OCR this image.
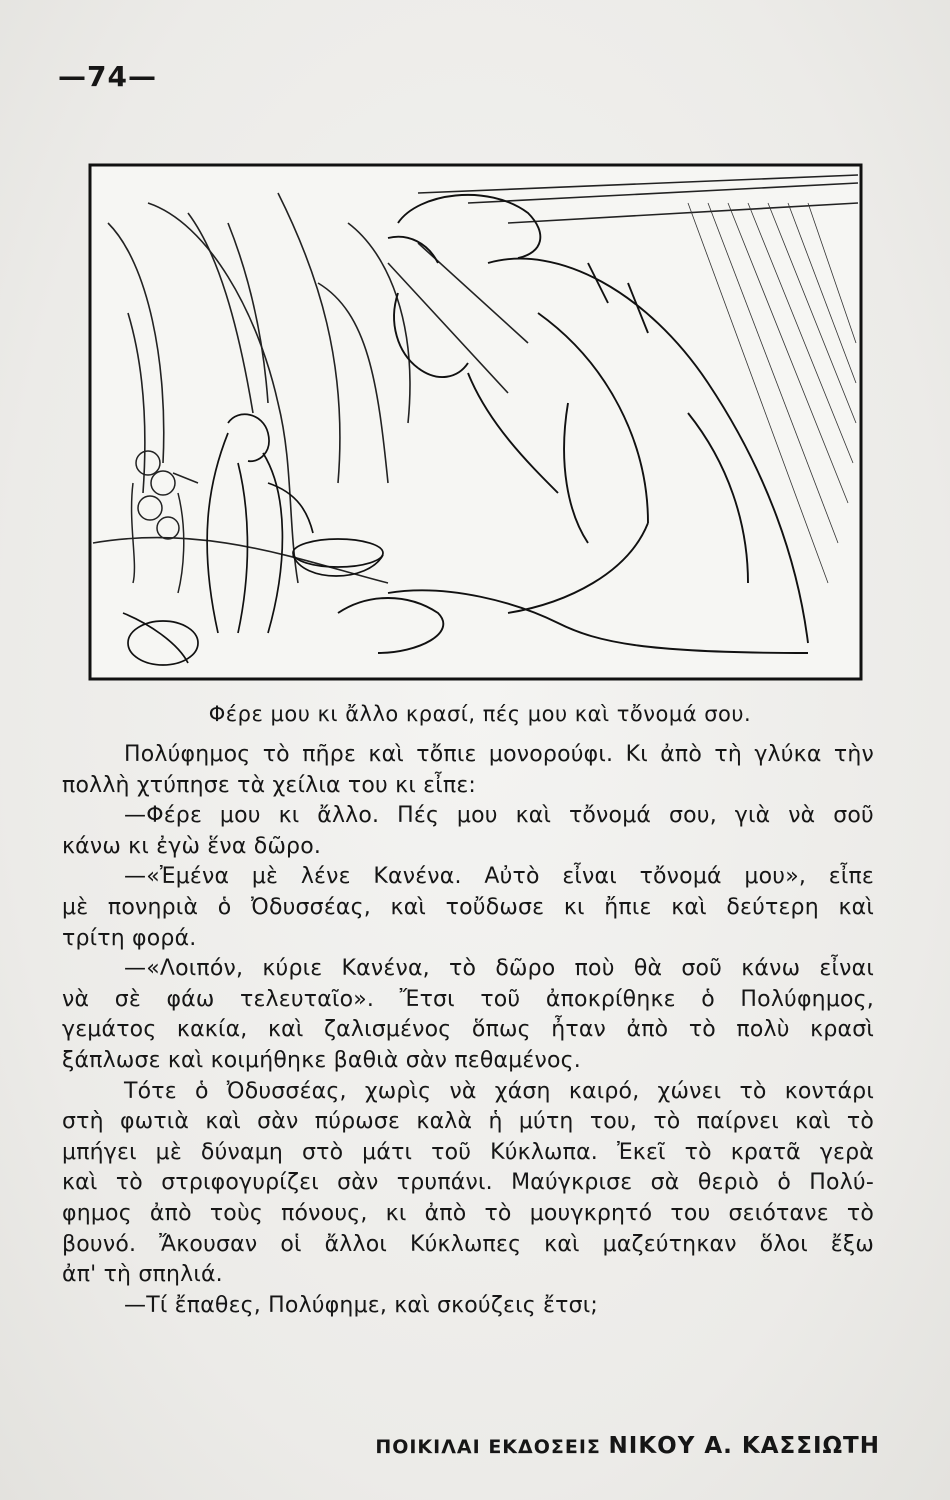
—74—
Φέρε μου κι ἄλλο κρασί, πές μου καὶ τὄνομά σου.
Πολύφημος τὸ πῆρε καὶ τὄπιε μονορούφι. Κι ἀπὸ τὴ γλύκα τὴν
πολλὴ χτύπησε τὰ χείλια του κι εἶπε:
—Φέρε μου κι ἄλλο. Πές μου καὶ τὄνομά σου, γιὰ νὰ σοῦ
κάνω κι ἐγὼ ἕνα δῶρο.
—«Ἐμένα μὲ λένε Κανένα. Αὐτὸ εἶναι τὄνομά μου», εἶπε
μὲ πονηριὰ ὁ Ὀδυσσέας, καὶ τοὔδωσε κι ἤπιε καὶ δεύτερη καὶ
τρίτη φορά.
—«Λοιπόν, κύριε Κανένα, τὸ δῶρο ποὺ θὰ σοῦ κάνω εἶναι
νὰ σὲ φάω τελευταῖο». Ἔτσι τοῦ ἀποκρίθηκε ὁ Πολύφημος,
γεμάτος κακία, καὶ ζαλισμένος ὅπως ἦταν ἀπὸ τὸ πολὺ κρασὶ
ξάπλωσε καὶ κοιμήθηκε βαθιὰ σὰν πεθαμένος.
Τότε ὁ Ὀδυσσέας, χωρὶς νὰ χάση καιρό, χώνει τὸ κοντάρι
στὴ φωτιὰ καὶ σὰν πύρωσε καλὰ ἡ μύτη του, τὸ παίρνει καὶ τὸ
μπήγει μὲ δύναμη στὸ μάτι τοῦ Κύκλωπα. Ἐκεῖ τὸ κρατᾶ γερὰ
καὶ τὸ στριφογυρίζει σὰν τρυπάνι. Μαύγκρισε σὰ θεριὸ ὁ Πολύ-
φημος ἀπὸ τοὺς πόνους, κι ἀπὸ τὸ μουγκρητό του σειότανε τὸ
βουνό. Ἄκουσαν οἱ ἄλλοι Κύκλωπες καὶ μαζεύτηκαν ὅλοι ἔξω
ἀπ' τὴ σπηλιά.
—Τί ἔπαθες, Πολύφημε, καὶ σκούζεις ἔτσι;
ΠΟΙΚΙΛΑΙ ΕΚΔΟΣΕΙΣ ΝΙΚΟΥ Α. ΚΑΣΣΙΩΤΗ
